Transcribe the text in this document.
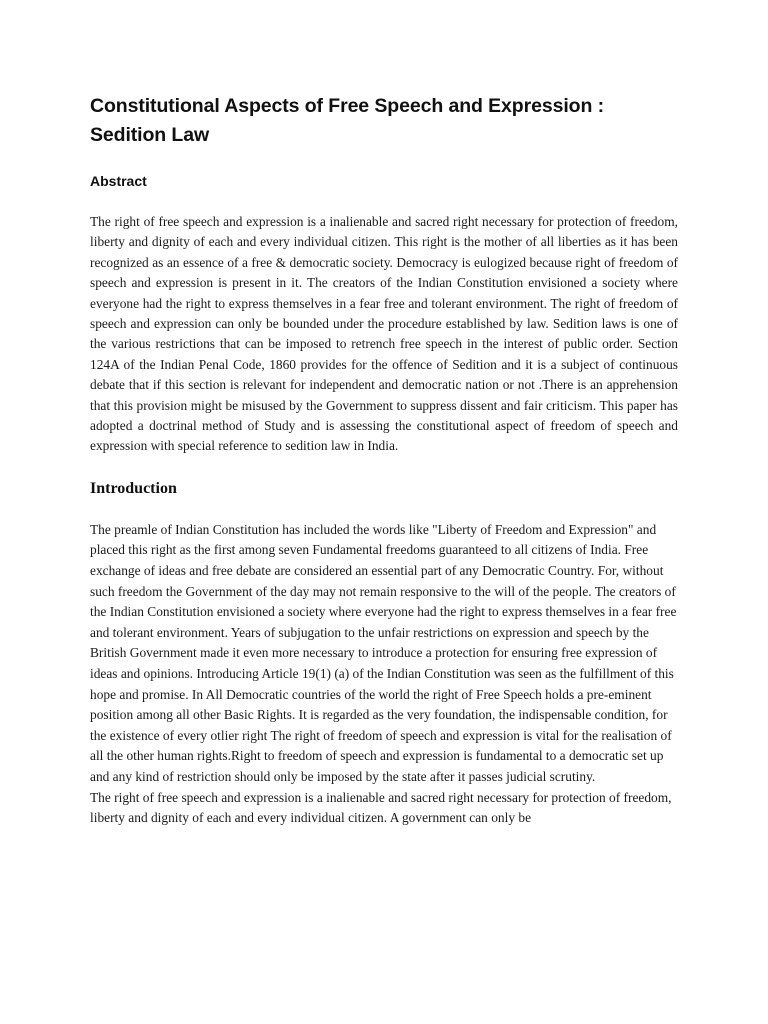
Constitutional Aspects of Free Speech and Expression : Sedition Law
Abstract

The right of free speech and expression is a inalienable and sacred right necessary for protection of freedom, liberty and dignity of each and every individual citizen. This right is the mother of all liberties as it has been recognized as an essence of a free & democratic society. Democracy is eulogized because right of freedom of speech and expression is present in it. The creators of the Indian Constitution envisioned a society where everyone had the right to express themselves in a fear free and tolerant environment. The right of freedom of speech and expression can only be bounded under the procedure established by law. Sedition laws is one of the various restrictions that can be imposed to retrench free speech in the interest of public order. Section 124A of the Indian Penal Code, 1860 provides for the offence of Sedition and it is a subject of continuous debate that if this section is relevant for independent and democratic nation or not .There is an apprehension that this provision might be misused by the Government to suppress dissent and fair criticism. This paper has adopted a doctrinal method of Study and is assessing the constitutional aspect of freedom of speech and expression with special reference to sedition law in India.

Introduction

The preamle of Indian Constitution has included the words like "Liberty of Freedom and Expression" and placed this right as the first among seven Fundamental freedoms guaranteed to all citizens of India. Free exchange of ideas and free debate are considered an essential part of any Democratic Country. For, without such freedom the Government of the day may not remain responsive to the will of the people. The creators of the Indian Constitution envisioned a society where everyone had the right to express themselves in a fear free and tolerant environment. Years of subjugation to the unfair restrictions on expression and speech by the British Government made it even more necessary to introduce a protection for ensuring free expression of ideas and opinions. Introducing Article 19(1) (a) of the Indian Constitution was seen as the fulfillment of this hope and promise. In All Democratic countries of the world the right of Free Speech holds a pre-eminent position among all other Basic Rights. It is regarded as the very foundation, the indispensable condition, for the existence of every otlier right The right of freedom of speech and expression is vital for the realisation of all the other human rights.Right to freedom of speech and expression is fundamental to a democratic set up and any kind of restriction should only be imposed by the state after it passes judicial scrutiny.

The right of free speech and expression is a inalienable and sacred right necessary for protection of freedom, liberty and dignity of each and every individual citizen. A government can only be
